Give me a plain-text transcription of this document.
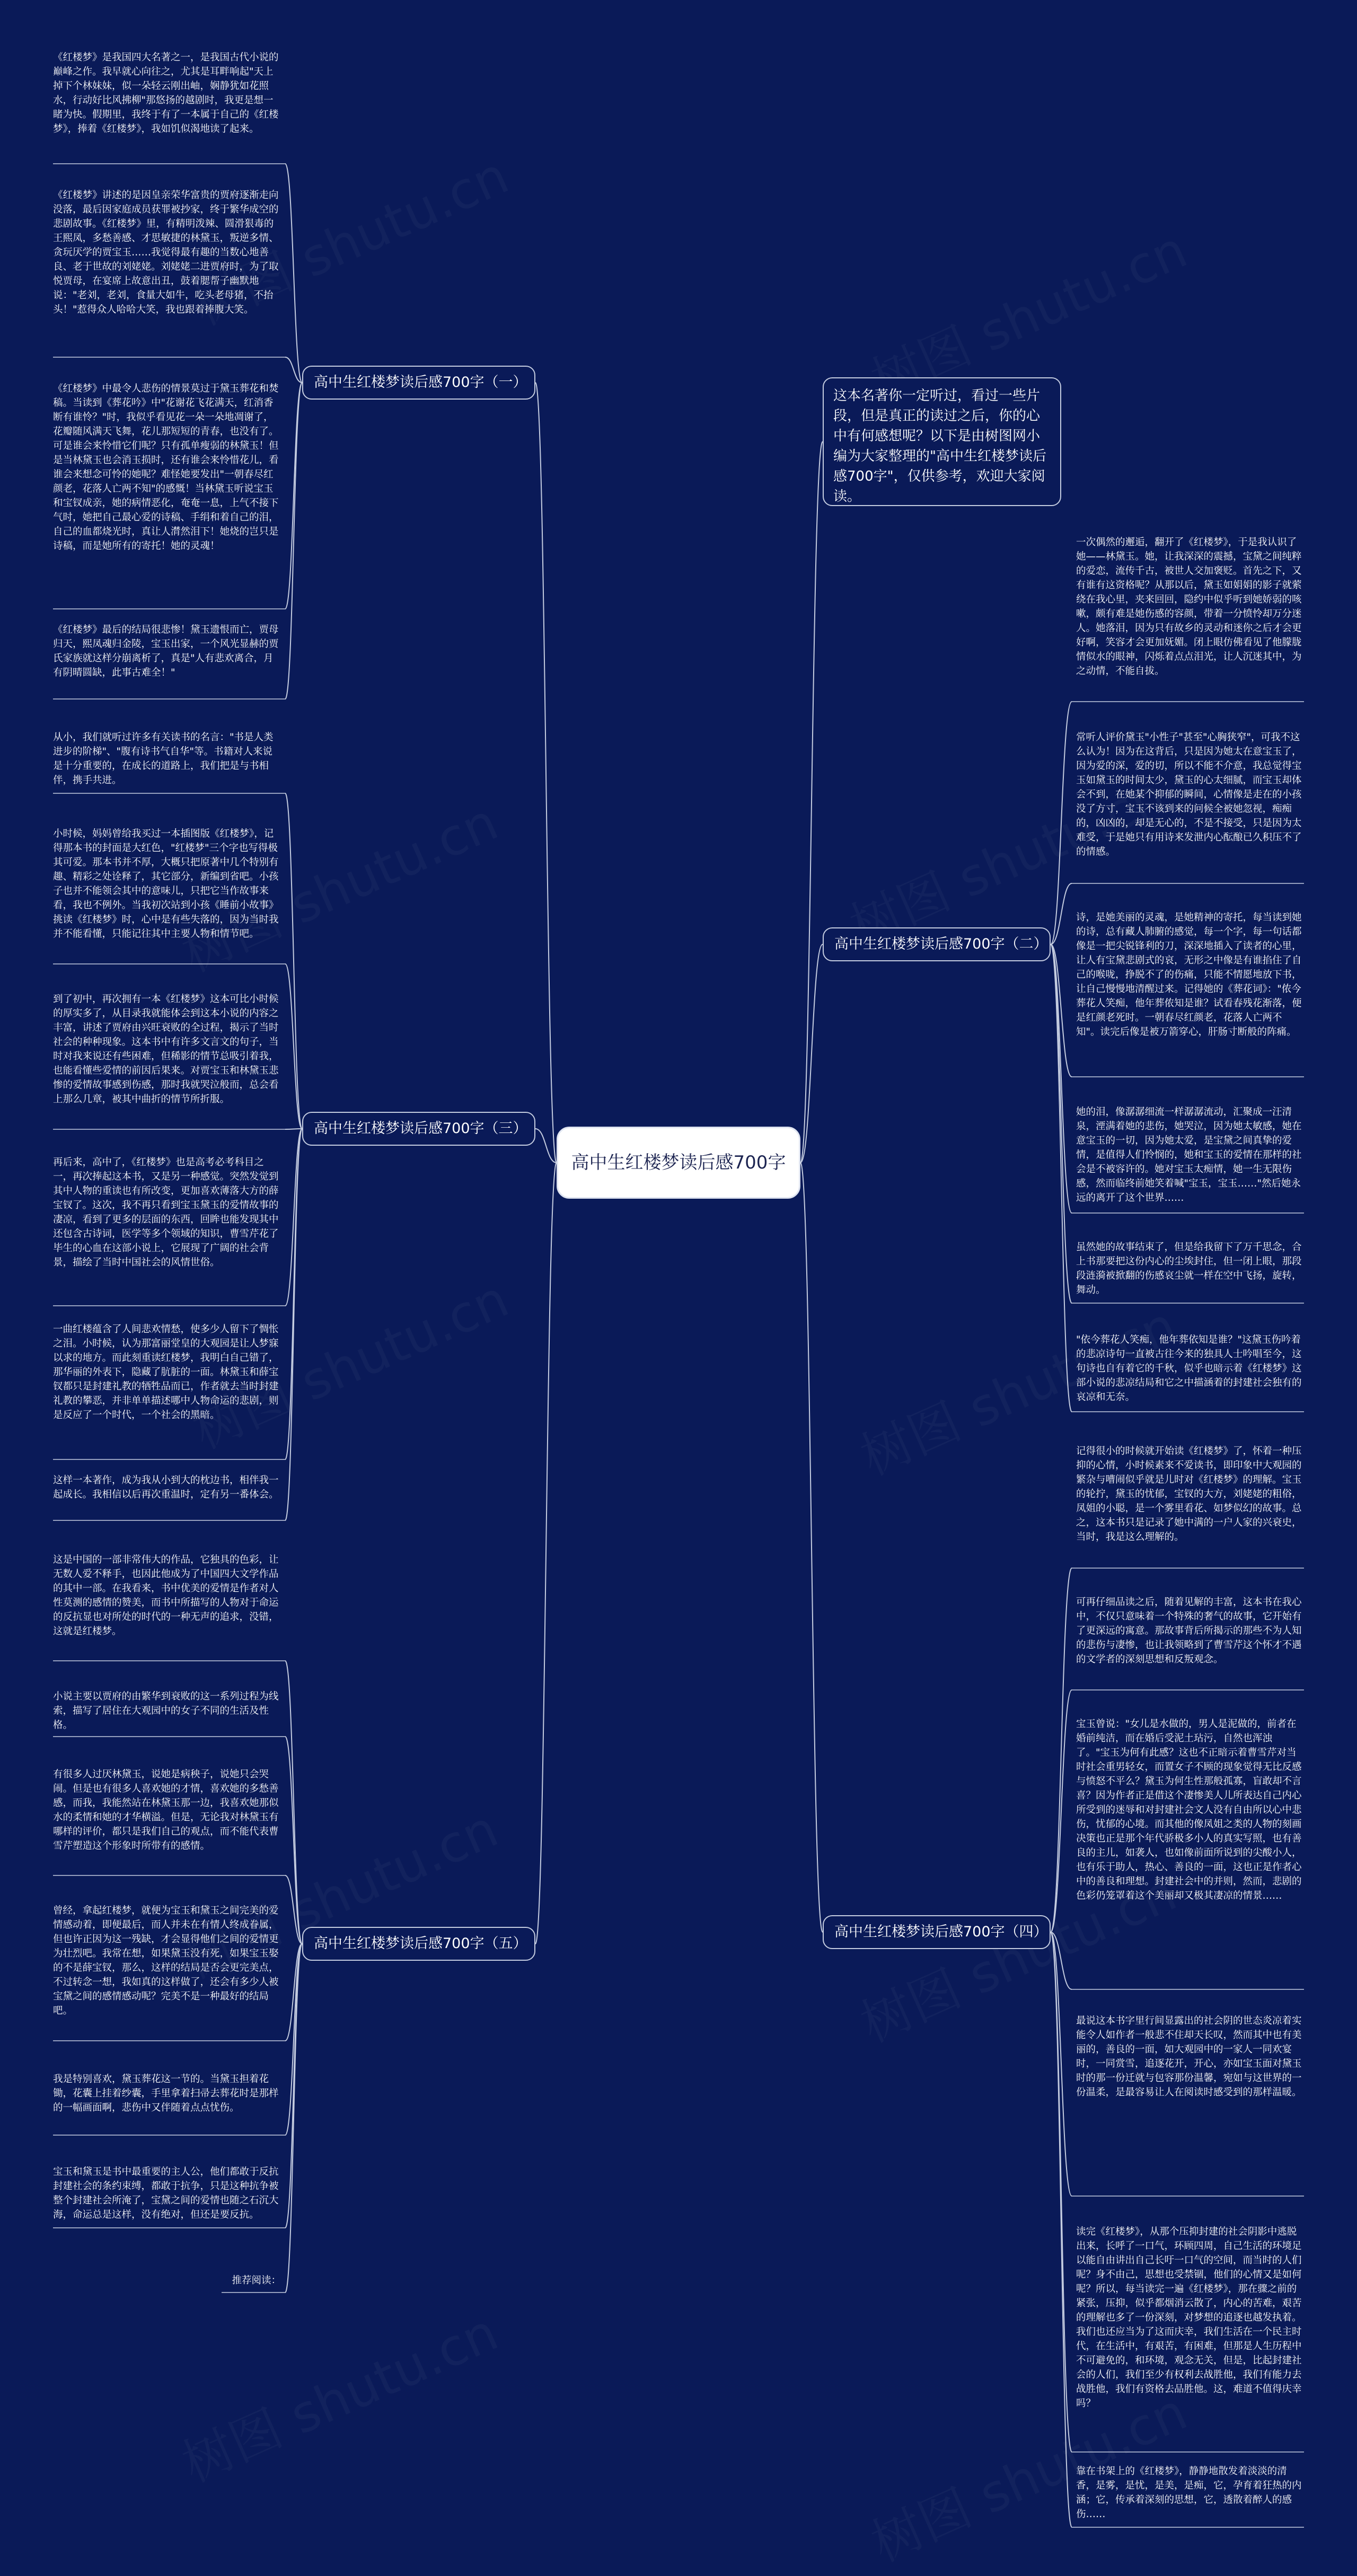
高中生红楼梦读后感700字
这本名著你一定听过，看过一些片段，但是真正的读过之后，你的心中有何感想呢？以下是由树图网小编为大家整理的"高中生红楼梦读后感700字"，仅供参考，欢迎大家阅读。
高中生红楼梦读后感700字（一）
高中生红楼梦读后感700字（三）
高中生红楼梦读后感700字（五）
高中生红楼梦读后感700字（二）
高中生红楼梦读后感700字（四）
《红楼梦》是我国四大名著之一，是我国古代小说的巅峰之作。我早就心向往之，尤其是耳畔响起"天上掉下个林妹妹，似一朵轻云刚出岫，娴静犹如花照水，行动好比风拂柳"那悠扬的越剧时，我更是想一睹为快。假期里，我终于有了一本属于自己的《红楼梦》，捧着《红楼梦》，我如饥似渴地读了起来。
《红楼梦》讲述的是因皇亲荣华富贵的贾府逐渐走向没落，最后因家庭成员获罪被抄家，终于繁华成空的悲剧故事。《红楼梦》里，有精明泼辣、圆滑狠毒的王熙凤，多愁善感、才思敏捷的林黛玉，叛逆多情、贪玩厌学的贾宝玉……我觉得最有趣的当数心地善良、老于世故的刘姥姥。刘姥姥二进贾府时，为了取悦贾母，在宴席上故意出丑，鼓着腮帮子幽默地说："老刘，老刘，食量大如牛，吃头老母猪，不抬头！"惹得众人哈哈大笑，我也跟着捧腹大笑。
《红楼梦》中最令人悲伤的情景莫过于黛玉葬花和焚稿。当读到《葬花吟》中"花谢花飞花满天，红消香断有谁怜？"时，我似乎看见花一朵一朵地凋谢了，花瓣随风满天飞舞，花儿那短短的青春，也没有了。可是谁会来怜惜它们呢？只有孤单瘦弱的林黛玉！但是当林黛玉也会消玉损时，还有谁会来怜惜花儿，看谁会来想念可怜的她呢？难怪她要发出"一朝春尽红颜老，花落人亡两不知"的感慨！当林黛玉听说宝玉和宝钗成亲，她的病情恶化，奄奄一息，上气不接下气时，她把自己最心爱的诗稿、手绢和着自己的泪，自己的血都烧光时，真让人潸然泪下！她烧的岂只是诗稿，而是她所有的寄托！她的灵魂！
《红楼梦》最后的结局很悲惨！黛玉遗恨而亡，贾母归天，熙凤魂归金陵，宝玉出家，一个风光显赫的贾氏家族就这样分崩离析了，真是"人有悲欢离合，月有阴晴圆缺，此事古难全！"
从小，我们就听过许多有关读书的名言："书是人类进步的阶梯"、"腹有诗书气自华"等。书籍对人来说是十分重要的，在成长的道路上，我们把是与书相伴，携手共进。
小时候，妈妈曾给我买过一本插图版《红楼梦》，记得那本书的封面是大红色，"红楼梦"三个字也写得极其可爱。那本书并不厚，大概只把原著中几个特别有趣、精彩之处诠释了，其它部分，新编到省吧。小孩子也并不能领会其中的意味儿，只把它当作故事来看，我也不例外。当我初次站到小孩《睡前小故事》挑读《红楼梦》时，心中是有些失落的，因为当时我并不能看懂，只能记往其中主要人物和情节吧。
到了初中，再次拥有一本《红楼梦》这本可比小时候的厚实多了，从目录我就能体会到这本小说的内容之丰富，讲述了贾府由兴旺衰败的全过程，揭示了当时社会的种种现象。这本书中有许多文言文的句子，当时对我来说还有些困难，但稀影的情节总吸引着我，也能看懂些爱情的前因后果来。对贾宝玉和林黛玉悲惨的爱情故事感到伤感，那时我就哭泣般而，总会看上那么几章，被其中曲折的情节所折服。
再后来，高中了，《红楼梦》也是高考必考科目之一，再次捧起这本书，又是另一种感觉。突然发觉到其中人物的重读也有所改变，更加喜欢薄落大方的薛宝钗了。这次，我不再只看到宝玉黛玉的爱情故事的凄凉，看到了更多的层面的东西，回眸也能发现其中还包含古诗词，医学等多个领域的知识，曹雪芹花了毕生的心血在这部小说上，它展现了广阔的社会背景，描绘了当时中国社会的风情世俗。
一曲红楼蕴含了人间悲欢情愁，使多少人留下了惆怅之泪。小时候，认为那富丽堂皇的大观园是让人梦寐以求的地方。而此刻重读红楼梦，我明白自己错了，那华丽的外表下，隐藏了肮脏的一面。林黛玉和薛宝钗都只是封建礼教的牺牲品而已，作者就去当时封建礼教的攀恶，并非单单描述哪中人物命运的悲剧，则是反应了一个时代，一个社会的黑暗。
这样一本著作，成为我从小到大的枕边书，相伴我一起成长。我相信以后再次重温时，定有另一番体会。
这是中国的一部非常伟大的作品，它独具的色彩，让无数人爱不释手，也因此他成为了中国四大文学作品的其中一部。在我看来，书中优美的爱情是作者对人性莫测的感情的赞美，而书中所描写的人物对于命运的反抗显也对所处的时代的一种无声的追求，没错，这就是红楼梦。
小说主要以贾府的由繁华到衰败的这一系列过程为线索，描写了居住在大观园中的女子不同的生活及性格。
有很多人过厌林黛玉，说她是病秧子，说她只会哭闹。但是也有很多人喜欢她的才情，喜欢她的多愁善感，而我，我能然站在林黛玉那一边，我喜欢她那似水的柔情和她的才华横溢。但是，无论我对林黛玉有哪样的评价，都只是我们自己的观点，而不能代表曹雪芹塑造这个形象时所带有的感情。
曾经，拿起红楼梦，就便为宝玉和黛玉之间完美的爱情感动着，即便最后，而人并未在有情人终成眷属，但也许正因为这一残缺，才会显得他们之间的爱情更为壮烈吧。我常在想，如果黛玉没有死，如果宝玉娶的不是薛宝钗，那么，这样的结局是否会更完美点，不过转念一想，我如真的这样做了，还会有多少人被宝黛之间的感情感动呢？完美不是一种最好的结局吧。
我是特别喜欢，黛玉葬花这一节的。当黛玉担着花锄，花囊上挂着纱囊，手里拿着扫帚去葬花时是那样的一幅画面啊，悲伤中又伴随着点点忧伤。
宝玉和黛玉是书中最重要的主人公，他们都敢于反抗封建社会的条约束缚，都敢于抗争，只是这种抗争被整个封建社会所淹了，宝黛之间的爱情也随之石沉大海，命运总是这样，没有绝对，但还是要反抗。
推荐阅读：
一次偶然的邂逅，翻开了《红楼梦》，于是我认识了她——林黛玉。她，让我深深的震撼，宝黛之间纯粹的爱恋，流传千古，被世人交加褒贬。首先之下，又有谁有这资格呢？从那以后，黛玉如娟娟的影子就萦绕在我心里，夹来回回，隐约中似乎听到她娇弱的咳嗽，颇有难是她伤感的容颜，带着一分愤怜却万分迷人。她落泪，因为只有故乡的灵动和迷你之后才会更好啊，笑容才会更加妩媚。闭上眼仿佛看见了他朦胧情似水的眼神，闪烁着点点泪光，让人沉迷其中，为之动情，不能自拔。
常听人评价黛玉"小性子"甚至"心胸狭窄"，可我不这么认为！因为在这背后，只是因为她太在意宝玉了，因为爱的深，爱的切，所以不能不介意，我总觉得宝玉如黛玉的时间太少，黛玉的心太细腻，而宝玉却体会不到，在她某个抑郁的瞬间，心情像是走在的小孩没了方寸，宝玉不该到来的问候全被她忽视，痴痴的，凶凶的，却是无心的，不是不接受，只是因为太难受，于是她只有用诗来发泄内心酝酿已久积压不了的情感。
诗，是她美丽的灵魂，是她精神的寄托，每当读到她的诗，总有藏人肺腑的感觉，每一个字，每一句话都像是一把尖锐锋利的刀，深深地插入了读者的心里，让人有宝黛悲剧式的哀，无形之中像是有谁掐住了自己的喉咙，挣脱不了的伤痛，只能不情愿地放下书，让自己慢慢地清醒过来。记得她的《葬花词》："侬今葬花人笑痴，他年葬侬知是谁？试看春残花渐落，便是红颜老死时。一朝春尽红颜老，花落人亡两不知"。读完后像是被万箭穿心，肝肠寸断般的阵痛。
她的泪，像潺潺细流一样潺潺流动，汇聚成一汪清泉，湮满着她的悲伤，她哭泣，因为她太敏感，她在意宝玉的一切，因为她太爱，是宝黛之间真挚的爱情，是值得人们怜悯的，她和宝玉的爱情在那样的社会是不被容许的。她对宝玉太痴情，她一生无限伤感，然而临终前她笑着喊"宝玉，宝玉……"然后她永远的离开了这个世界……
虽然她的故事结束了，但是给我留下了万千思念，合上书那要把这份内心的尘埃封住，但一闭上眼，那段段涟漪被掀翻的伤感哀尘就一样在空中飞扬，旋转，舞动。
"依今葬花人笑痴，他年葬依知是谁？"这黛玉伤吟着的悲凉诗句一直被古往今来的独具人士吟唱至今，这句诗也自有着它的千秋，似乎也暗示着《红楼梦》这部小说的悲凉结局和它之中描涵着的封建社会独有的哀凉和无奈。
记得很小的时候就开始读《红楼梦》了，怀着一种压抑的心情，小时候素来不爱读书，即印象中大观园的繁杂与嘈闹似乎就是儿时对《红楼梦》的理解。宝玉的轮拧，黛玉的忧郁，宝钗的大方，刘姥姥的粗俗，凤姐的小聪，是一个雾里看花、如梦似幻的故事。总之，这本书只是记录了她中满的一户人家的兴衰史，当时，我是这么理解的。
可再仔细品读之后，随着见解的丰富，这本书在我心中，不仅只意味着一个特殊的奢气的故事，它开始有了更深远的寓意。那故事背后所揭示的那些不为人知的悲伤与凄惨，也让我领略到了曹雪芹这个怀才不遇的文学者的深刻思想和反叛观念。
宝玉曾说："女儿是水做的，男人是泥做的，前者在婚前纯洁，而在婚后受泥土玷污，自然也浑浊了。"宝玉为何有此感？这也不正暗示着曹雪芹对当时社会重男轻女，而置女子不顾的现象觉得无比反感与愤怒不平么？黛玉为何生性那般孤寡，盲敢却不言喜？因为作者正是借这个凄惨美人儿所表达自己内心所受到的迷辱和对封建社会文人没有自由所以心中悲伤，忧郁的心境。而其他的像凤姐之类的人物的刻画决策也正是那个年代骄极多小人的真实写照，也有善良的主儿，如袭人，也如像前面所说到的尖酸小人，也有乐于助人，热心、善良的一面，这也正是作者心中的善良和理想。封建社会中的并则，然而，悲剧的色彩仍笼罩着这个美丽却又极其凄凉的情景……
最说这本书字里行间显露出的社会阴的世态炎凉着实能令人如作者一般悲不住却天长叹，然而其中也有美丽的，善良的一面，如大观园中的一家人一同欢宴时，一同赏雪，追逐花开，开心，亦如宝玉面对黛玉时的那一份迁就与包容那份温馨，宛如与这世界的一份温柔，是最容易让人在阅读时感受到的那样温暖。
读完《红楼梦》，从那个压抑封建的社会阴影中逃脱出来，长呼了一口气，环顾四周，自己生活的环境足以能自由讲出自己长吁一口气的空间，而当时的人们呢？身不由己，思想也受禁锢，他们的心情又是如何呢？所以，每当读完一遍《红楼梦》，那在骤之前的紧张，压抑，似乎都烟消云散了，内心的苦难，艰苦的理解也多了一份深刻，对梦想的追逐也越发执着。我们也还应当为了这而庆幸，我们生活在一个民主时代，在生活中，有艰苦，有困难，但那是人生历程中不可避免的，和环境，观念无关，但是，比起封建社会的人们，我们至少有权利去战胜他，我们有能力去战胜他，我们有资格去品胜他。这，难道不值得庆幸吗？
靠在书架上的《红楼梦》，静静地散发着淡淡的清香，是雾，是忧，是美，是痴，它，孕育着狂热的内涵；它，传承着深刻的思想，它，透散着醉人的感伤……
